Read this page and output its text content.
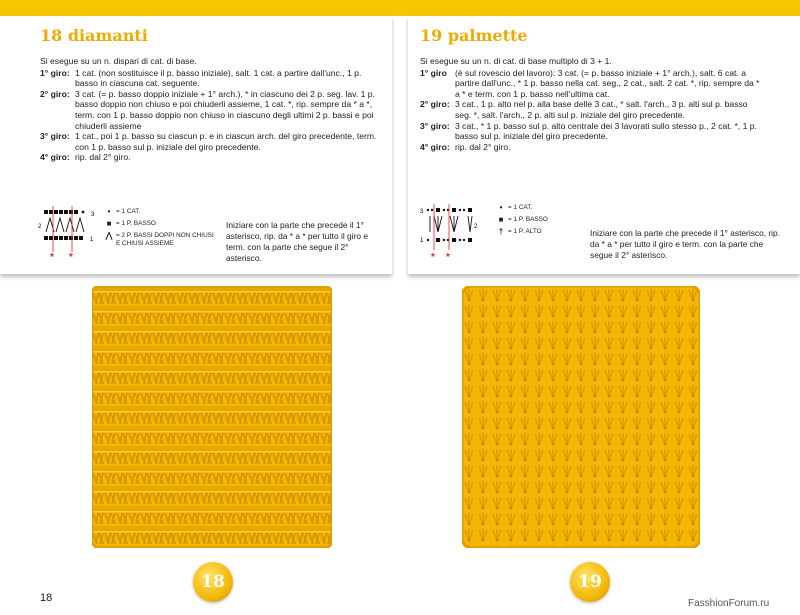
18 diamanti
Si esegue su un n. dispari di cat. di base.
1° giro: 1 cat. (non sostituisce il p. basso iniziale), salt. 1 cat. a partire dall'unc., 1 p. basso in ciascuna cat. seguente.
2° giro: 3 cat. (= p. basso doppio iniziale + 1° arch.), * in ciascuno dei 2 p. seg. lav. 1 p. basso doppio non chiuso e poi chiuderli assieme, 1 cat. *, rip. sempre da * a *, term. con 1 p. basso doppio non chiuso in ciascuno degli ultimi 2 p. bassi e poi chiuderli assieme
3° giro: 1 cat., poi 1 p. basso su ciascun p. e in ciascun arch. del giro precedente, term. con 1 p. basso sul p. iniziale del giro precedente.
4° giro: rip. dal 2° giro.
3
2
1
* *
• = 1 CAT.
■ = 1 P. BASSO
⋀ = 2 P. BASSI DOPPI NON CHIUSI E CHIUSI ASSIEME
Iniziare con la parte che precede il 1° asterisco, rip. da * a * per tutto il giro e term. con la parte che segue il 2° asterisco.
19 palmette
Si esegue su un n. di cat. di base multiplo di 3 + 1.
1° giro (è sul rovescio del lavoro): 3 cat. (= p. basso iniziale + 1° arch.), salt. 6 cat. a partire dall'unc., * 1 p. basso nella cat. seg., 2 cat., salt. 2 cat. *, rip. sempre da * a * e term. con 1 p. basso nell'ultima cat.
2° giro: 3 cat., 1 p. alto nel p. alla base delle 3 cat., * salt. l'arch., 3 p. alti sul p. basso seg. *, salt. l'arch., 2 p. alti sul p. iniziale del giro precedente.
3° giro: 3 cat., * 1 p. basso sul p. alto centrale dei 3 lavorati sullo stesso p., 2 cat. *, 1 p. basso sul p. iniziale del giro precedente.
4° giro: rip. dal 2° giro.
3
2
1
* *
• = 1 CAT.
■ = 1 P. BASSO
† = 1 P. ALTO	Iniziare con la parte che precede il 1° asterisco, rip. da * a * per tutto il giro e term. con la parte che segue il 2° asterisco.
18	19
18	FasshionForum.ru
